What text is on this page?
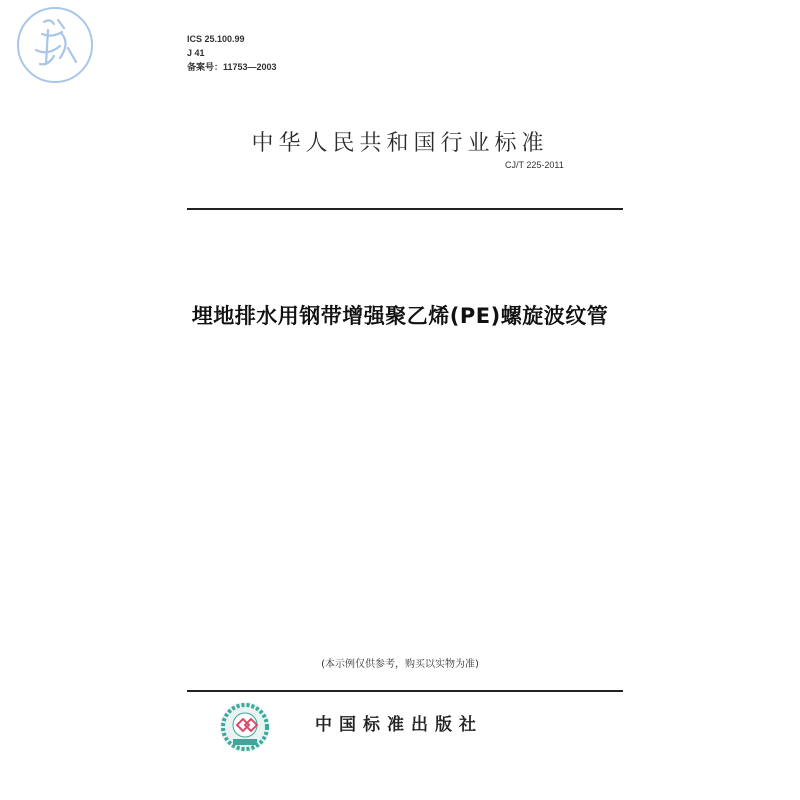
ICS 25.100.99
J 41
备案号：11753—2003
中华人民共和国行业标准
CJ/T 225-2011
埋地排水用钢带增强聚乙烯(PE)螺旋波纹管
(本示例仅供参考，购买以实物为准)
中国标准出版社
